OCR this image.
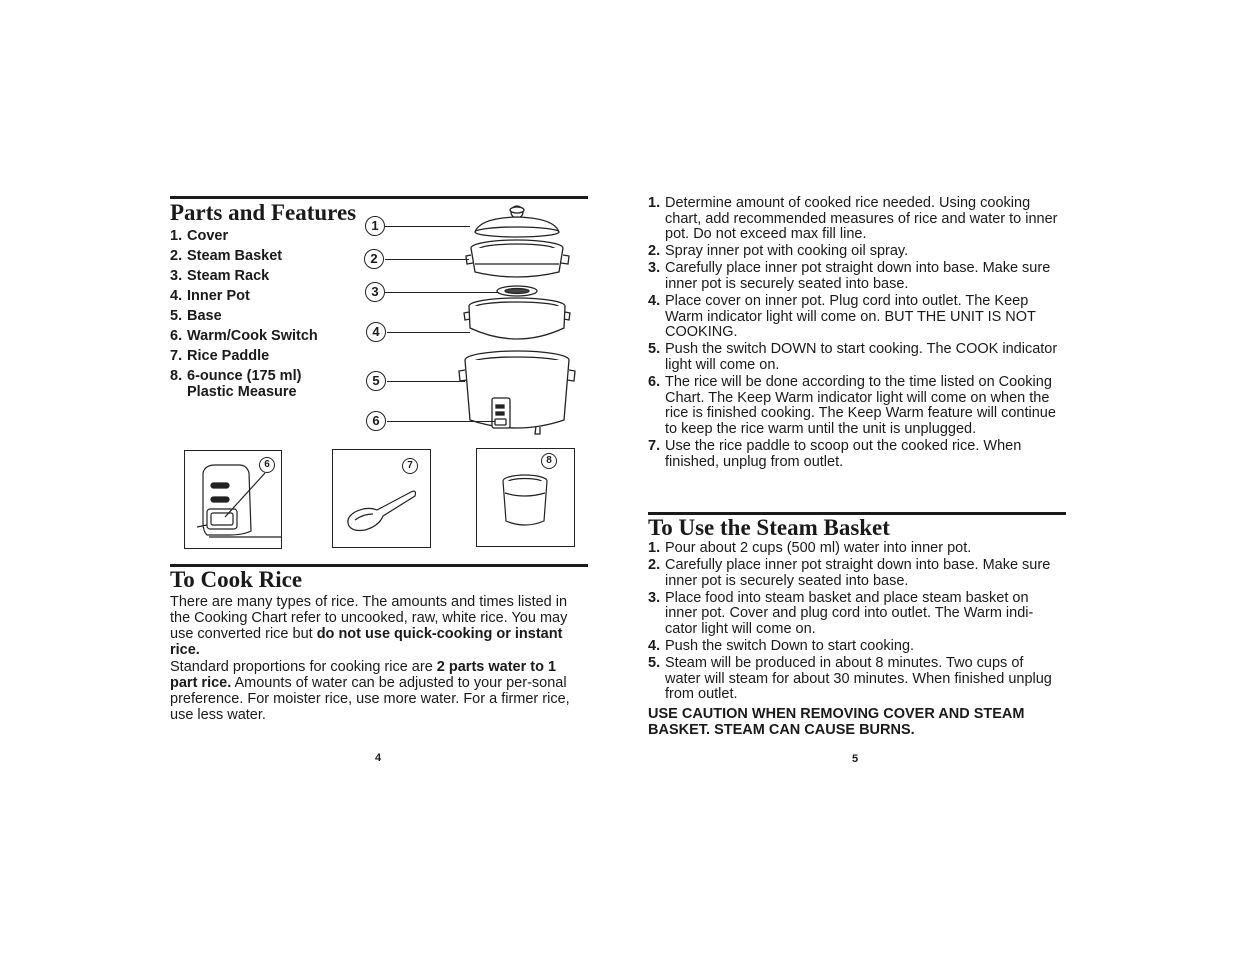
Parts and Features
1. Cover
2. Steam Basket
3. Steam Rack
4. Inner Pot
5. Base
6. Warm/Cook Switch
7. Rice Paddle
8. 6-ounce (175 ml)
Plastic Measure
1
2
3
4
5
6
6	7	8
To Cook Rice

There are many types of rice. The amounts and times listed in the Cooking Chart refer to uncooked, raw, white rice. You may use converted rice but do not use quick-cooking or instant rice.

Standard proportions for cooking rice are 2 parts water to 1 part rice. Amounts of water can be adjusted to your per-sonal preference. For moister rice, use more water. For a firmer rice, use less water.

4
1. Determine amount of cooked rice needed. Using cooking chart, add recommended measures of rice and water to inner pot. Do not exceed max fill line.
2. Spray inner pot with cooking oil spray.
3. Carefully place inner pot straight down into base. Make sure inner pot is securely seated into base.
4. Place cover on inner pot. Plug cord into outlet. The Keep Warm indicator light will come on. BUT THE UNIT IS NOT COOKING.
5. Push the switch DOWN to start cooking. The COOK indicator light will come on.
6. The rice will be done according to the time listed on Cooking Chart. The Keep Warm indicator light will come on when the rice is finished cooking. The Keep Warm feature will continue to keep the rice warm until the unit is unplugged.
7. Use the rice paddle to scoop out the cooked rice. When finished, unplug from outlet.
To Use the Steam Basket
1. Pour about 2 cups (500 ml) water into inner pot.
2. Carefully place inner pot straight down into base. Make sure inner pot is securely seated into base.
3. Place food into steam basket and place steam basket on inner pot. Cover and plug cord into outlet. The Warm indi-cator light will come on.
4. Push the switch Down to start cooking.
5. Steam will be produced in about 8 minutes. Two cups of water will steam for about 30 minutes. When finished unplug from outlet.

USE CAUTION WHEN REMOVING COVER AND STEAM BASKET. STEAM CAN CAUSE BURNS.

5
